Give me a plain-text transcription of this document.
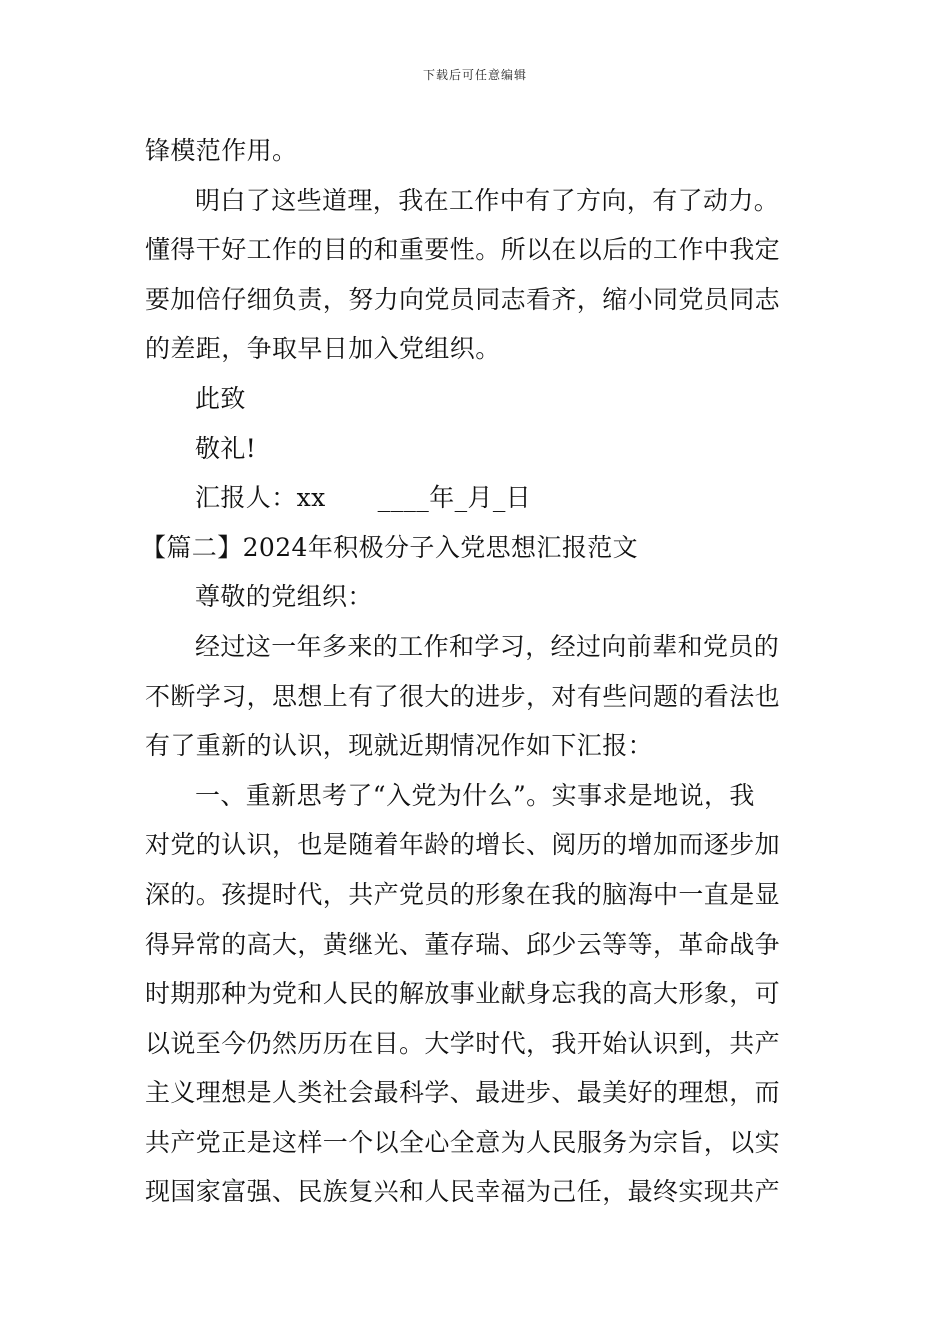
下载后可任意编辑
锋模范作用。
明白了这些道理，我在工作中有了方向，有了动力。
懂得干好工作的目的和重要性。所以在以后的工作中我定
要加倍仔细负责，努力向党员同志看齐，缩小同党员同志
的差距，争取早日加入党组织。
此致
敬礼!
汇报人：xx ____年_月_日
【篇二】2024年积极分子入党思想汇报范文
尊敬的党组织：
经过这一年多来的工作和学习，经过向前辈和党员的
不断学习，思想上有了很大的进步，对有些问题的看法也
有了重新的认识，现就近期情况作如下汇报：
一、重新思考了“入党为什么”。实事求是地说，我
对党的认识，也是随着年龄的增长、阅历的增加而逐步加
深的。孩提时代，共产党员的形象在我的脑海中一直是显
得异常的高大，黄继光、董存瑞、邱少云等等，革命战争
时期那种为党和人民的解放事业献身忘我的高大形象，可
以说至今仍然历历在目。大学时代，我开始认识到，共产
主义理想是人类社会最科学、最进步、最美好的理想，而
共产党正是这样一个以全心全意为人民服务为宗旨，以实
现国家富强、民族复兴和人民幸福为己任，最终实现共产
